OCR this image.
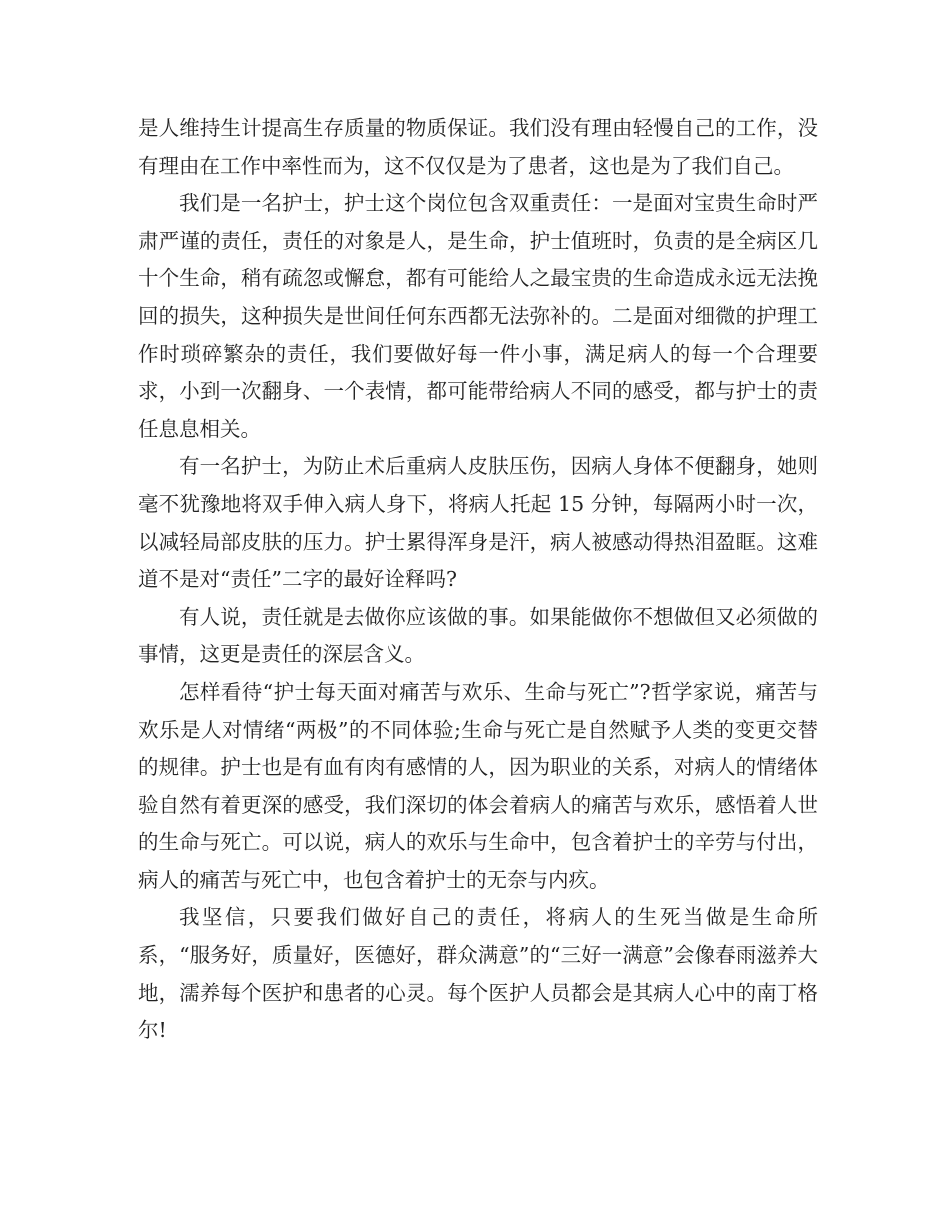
是人维持生计提高生存质量的物质保证。我们没有理由轻慢自己的工作，没有理由在工作中率性而为，这不仅仅是为了患者，这也是为了我们自己。

我们是一名护士，护士这个岗位包含双重责任：一是面对宝贵生命时严肃严谨的责任，责任的对象是人，是生命，护士值班时，负责的是全病区几十个生命，稍有疏忽或懈怠，都有可能给人之最宝贵的生命造成永远无法挽回的损失，这种损失是世间任何东西都无法弥补的。二是面对细微的护理工作时琐碎繁杂的责任，我们要做好每一件小事，满足病人的每一个合理要求，小到一次翻身、一个表情，都可能带给病人不同的感受，都与护士的责任息息相关。

有一名护士，为防止术后重病人皮肤压伤，因病人身体不便翻身，她则毫不犹豫地将双手伸入病人身下，将病人托起 15 分钟，每隔两小时一次，以减轻局部皮肤的压力。护士累得浑身是汗，病人被感动得热泪盈眶。这难道不是对“责任”二字的最好诠释吗?

有人说，责任就是去做你应该做的事。如果能做你不想做但又必须做的事情，这更是责任的深层含义。

怎样看待“护士每天面对痛苦与欢乐、生命与死亡”?哲学家说，痛苦与欢乐是人对情绪“两极”的不同体验;生命与死亡是自然赋予人类的变更交替的规律。护士也是有血有肉有感情的人，因为职业的关系，对病人的情绪体验自然有着更深的感受，我们深切的体会着病人的痛苦与欢乐，感悟着人世的生命与死亡。可以说，病人的欢乐与生命中，包含着护士的辛劳与付出，病人的痛苦与死亡中，也包含着护士的无奈与内疚。

我坚信，只要我们做好自己的责任，将病人的生死当做是生命所系，“服务好，质量好，医德好，群众满意”的“三好一满意”会像春雨滋养大地，濡养每个医护和患者的心灵。每个医护人员都会是其病人心中的南丁格尔!
